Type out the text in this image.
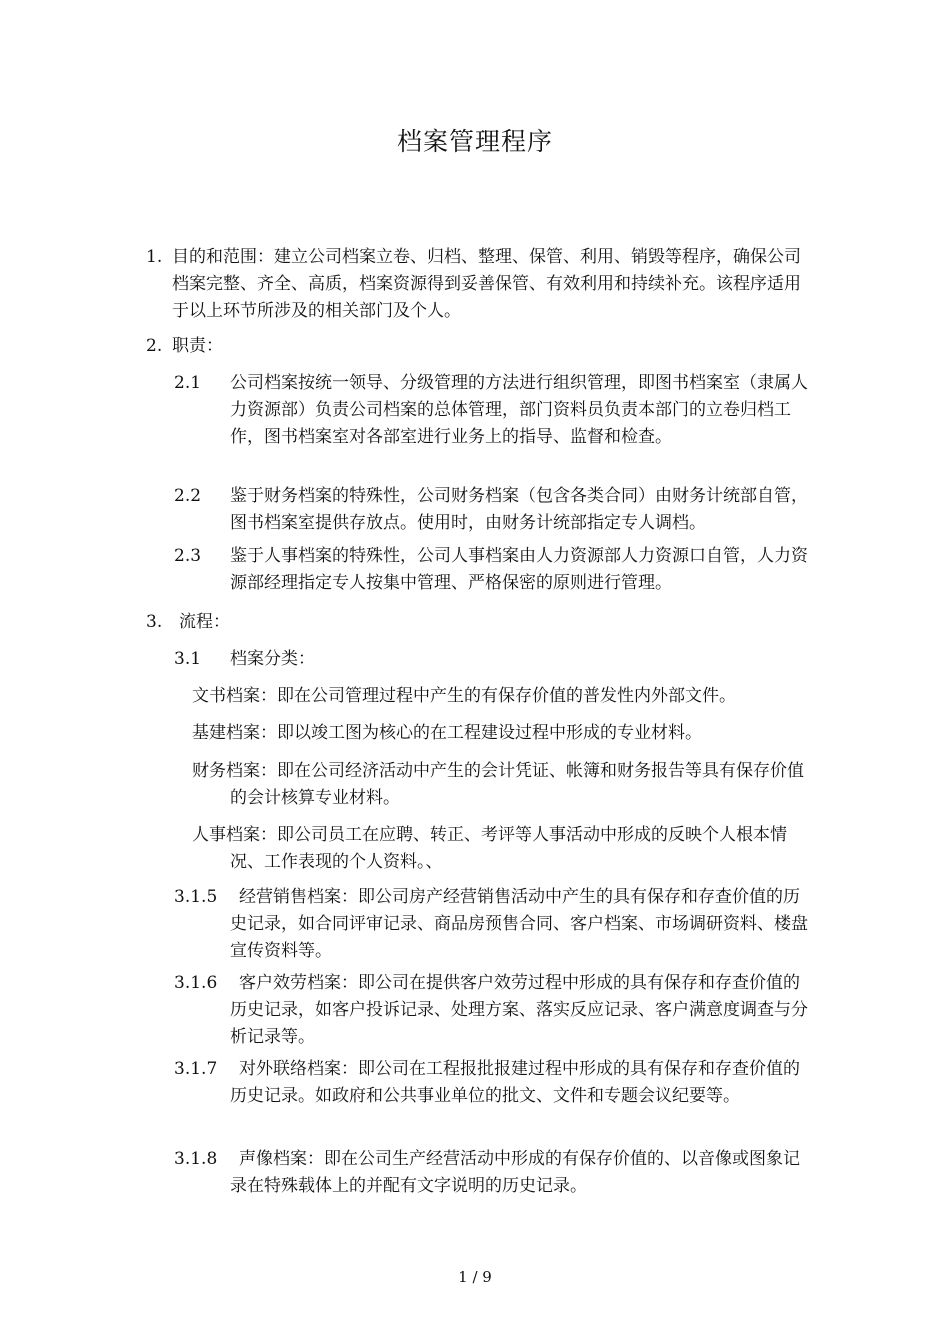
档案管理程序
1. 目的和范围：建立公司档案立卷、归档、整理、保管、利用、销毁等程序，确保公司档案完整、齐全、高质，档案资源得到妥善保管、有效利用和持续补充。该程序适用于以上环节所涉及的相关部门及个人。
2. 职责：
2.1	公司档案按统一领导、分级管理的方法进行组织管理，即图书档案室（隶属人力资源部）负责公司档案的总体管理，部门资料员负责本部门的立卷归档工作，图书档案室对各部室进行业务上的指导、监督和检查。
2.2	鉴于财务档案的特殊性，公司财务档案（包含各类合同）由财务计统部自管，图书档案室提供存放点。使用时，由财务计统部指定专人调档。
2.3	鉴于人事档案的特殊性，公司人事档案由人力资源部人力资源口自管，人力资源部经理指定专人按集中管理、严格保密的原则进行管理。
3. 流程：
3.1	档案分类：
文书档案：即在公司管理过程中产生的有保存价值的普发性内外部文件。
基建档案：即以竣工图为核心的在工程建设过程中形成的专业材料。
财务档案：即在公司经济活动中产生的会计凭证、帐簿和财务报告等具有保存价值的会计核算专业材料。
人事档案：即公司员工在应聘、转正、考评等人事活动中形成的反映个人根本情况、工作表现的个人资料。、
3.1.5	经营销售档案：即公司房产经营销售活动中产生的具有保存和存查价值的历史记录，如合同评审记录、商品房预售合同、客户档案、市场调研资料、楼盘宣传资料等。
3.1.6	客户效劳档案：即公司在提供客户效劳过程中形成的具有保存和存查价值的历史记录，如客户投诉记录、处理方案、落实反应记录、客户满意度调查与分析记录等。
3.1.7	对外联络档案：即公司在工程报批报建过程中形成的具有保存和存查价值的历史记录。如政府和公共事业单位的批文、文件和专题会议纪要等。
3.1.8	声像档案：即在公司生产经营活动中形成的有保存价值的、以音像或图象记录在特殊载体上的并配有文字说明的历史记录。
1 / 9
